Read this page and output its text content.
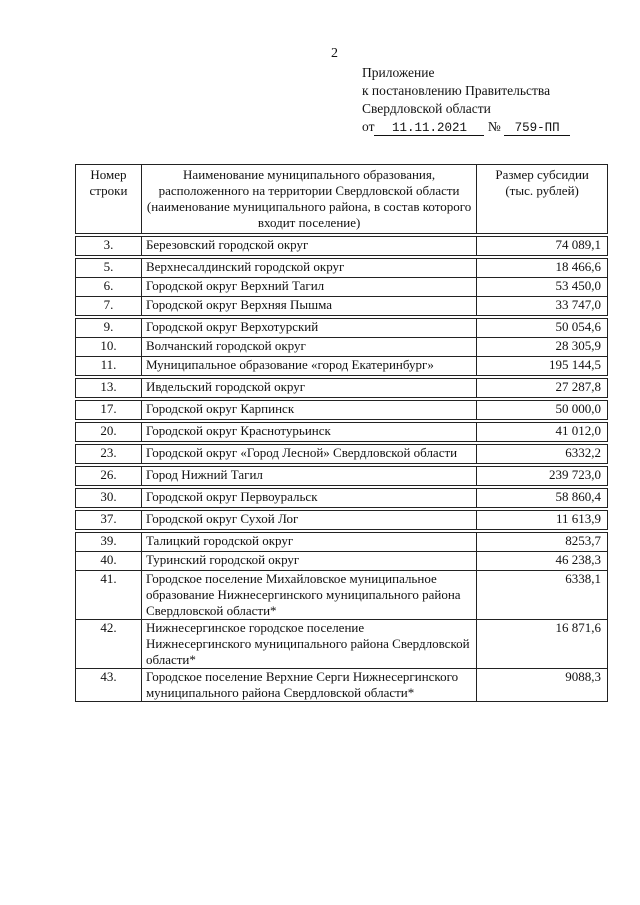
2
Приложение
к постановлению Правительства
Свердловской области
от 11.11.2021 № 759-ПП
Номер строки	Наименование муниципального образования, расположенного на территории Свердловской области (наименование муниципального района, в состав которого входит поселение)	Размер субсидии (тыс. рублей)

3.	Березовский городской округ	74 089,1

5.	Верхнесалдинский городской округ	18 466,6
6.	Городской округ Верхний Тагил	53 450,0
7.	Городской округ Верхняя Пышма	33 747,0

9.	Городской округ Верхотурский	50 054,6
10.	Волчанский городской округ	28 305,9
11.	Муниципальное образование «город Екатеринбург»	195 144,5

13.	Ивдельский городской округ	27 287,8

17.	Городской округ Карпинск	50 000,0

20.	Городской округ Краснотурьинск	41 012,0

23.	Городской округ «Город Лесной» Свердловской области	6332,2

26.	Город Нижний Тагил	239 723,0

30.	Городской округ Первоуральск	58 860,4

37.	Городской округ Сухой Лог	11 613,9

39.	Талицкий городской округ	8253,7
40.	Туринский городской округ	46 238,3
41.	Городское поселение Михайловское муниципальное образование Нижнесергинского муниципального района Свердловской области*	6338,1
42.	Нижнесергинское городское поселение Нижнесергинского муниципального района Свердловской области*	16 871,6
43.	Городское поселение Верхние Серги Нижнесергинского муниципального района Свердловской области*	9088,3
